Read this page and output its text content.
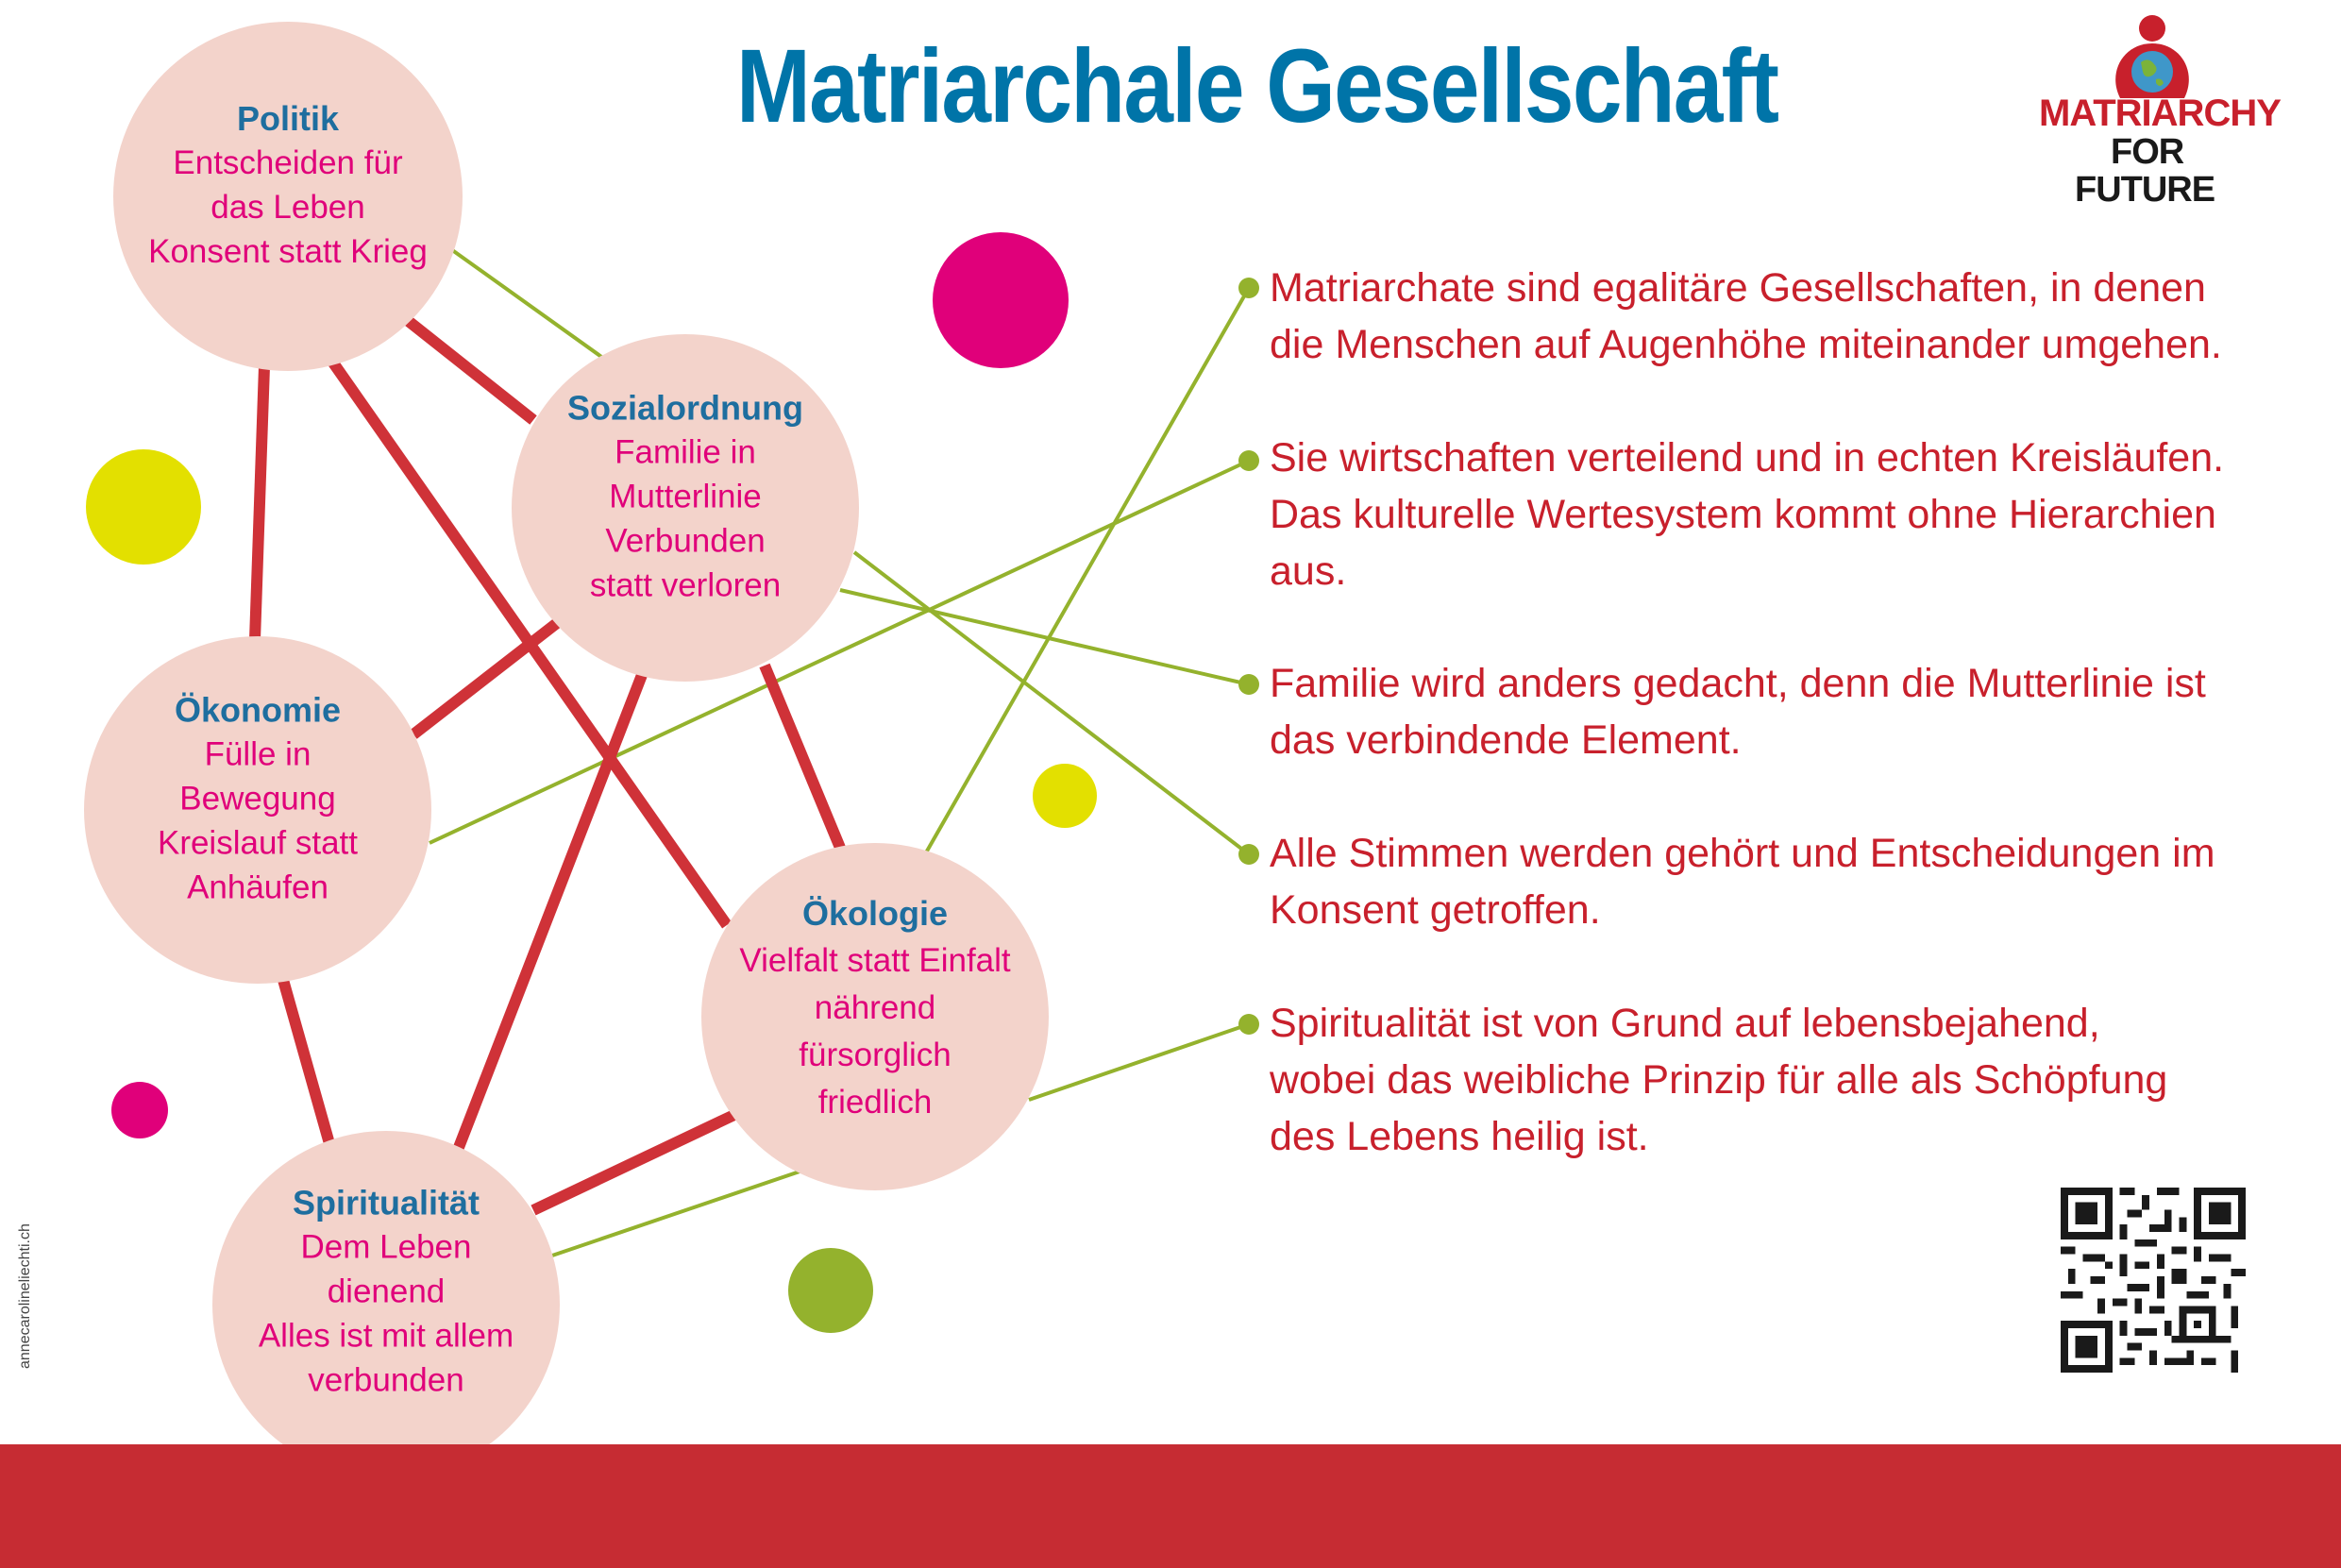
Politik
Entscheiden für
das Leben
Konsent statt Krieg
Sozialordnung
Familie in
Mutterlinie
Verbunden
statt verloren
Ökonomie
Fülle in
Bewegung
Kreislauf statt
Anhäufen
Ökologie
Vielfalt statt Einfalt
nährend
fürsorglich
friedlich
Spiritualität
Dem Leben
dienend
Alles ist mit allem
verbunden
Matriarchale Gesellschaft	MATRIARCHY
FOR
FUTURE
Matriarchate sind egalitäre Gesellschaften, in denen
die Menschen auf Augenhöhe miteinander umgehen.
Sie wirtschaften verteilend und in echten Kreisläufen.
Das kulturelle Wertesystem kommt ohne Hierarchien
aus.
Familie wird anders gedacht, denn die Mutterlinie ist
das verbindende Element.
Alle Stimmen werden gehört und Entscheidungen im
Konsent getroffen.
Spiritualität ist von Grund auf lebensbejahend,
wobei das weibliche Prinzip für alle als Schöpfung
des Lebens heilig ist.
annecarolineliechti.ch
